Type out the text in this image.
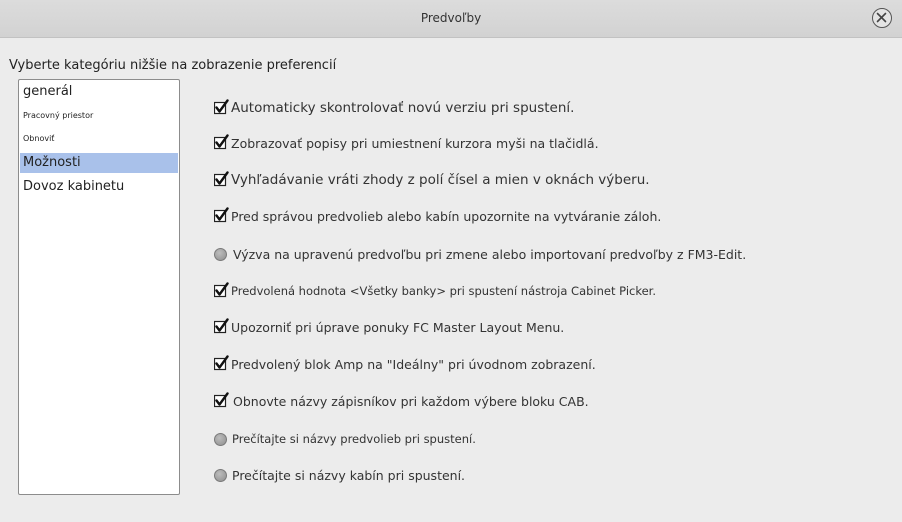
Predvoľby
Vyberte kategóriu nižšie na zobrazenie preferencií
generál
Pracovný priestor
Obnoviť
Možnosti
Dovoz kabinetu
Automaticky skontrolovať novú verziu pri spustení.
Zobrazovať popisy pri umiestnení kurzora myši na tlačidlá.
Vyhľadávanie vráti zhody z polí čísel a mien v oknách výberu.
Pred správou predvolieb alebo kabín upozornite na vytváranie záloh.
Výzva na upravenú predvoľbu pri zmene alebo importovaní predvoľby z FM3-Edit.
Predvolená hodnota <Všetky banky> pri spustení nástroja Cabinet Picker.
Upozorniť pri úprave ponuky FC Master Layout Menu.
Predvolený blok Amp na "Ideálny" pri úvodnom zobrazení.
Obnovte názvy zápisníkov pri každom výbere bloku CAB.
Prečítajte si názvy predvolieb pri spustení.
Prečítajte si názvy kabín pri spustení.
